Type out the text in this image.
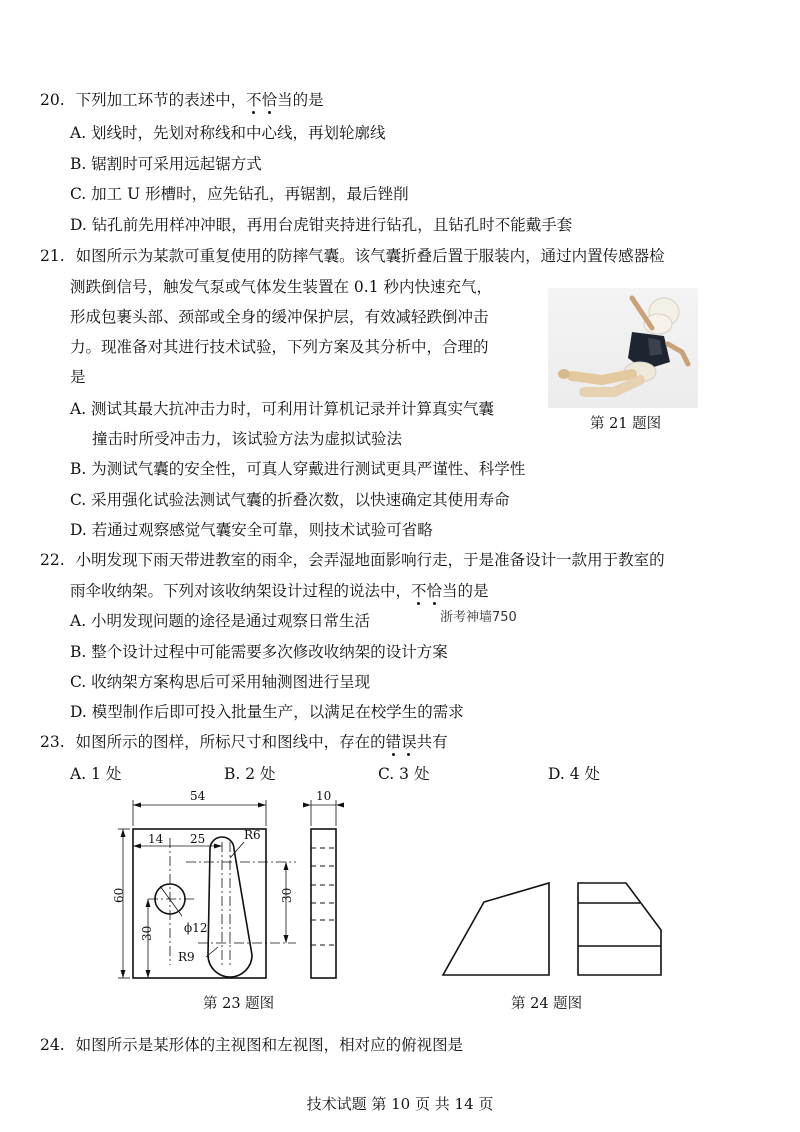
20. 下列加工环节的表述中，不恰当的是
A. 划线时，先划对称线和中心线，再划轮廓线
B. 锯割时可采用远起锯方式
C. 加工 U 形槽时，应先钻孔，再锯割，最后锉削
D. 钻孔前先用样冲冲眼，再用台虎钳夹持进行钻孔，且钻孔时不能戴手套
21. 如图所示为某款可重复使用的防摔气囊。该气囊折叠后置于服装内，通过内置传感器检
测跌倒信号，触发气泵或气体发生装置在 0.1 秒内快速充气，
形成包裹头部、颈部或全身的缓冲保护层，有效减轻跌倒冲击
力。现准备对其进行技术试验，下列方案及其分析中，合理的
是
A. 测试其最大抗冲击力时，可利用计算机记录并计算真实气囊
撞击时所受冲击力，该试验方法为虚拟试验法
B. 为测试气囊的安全性，可真人穿戴进行测试更具严谨性、科学性
C. 采用强化试验法测试气囊的折叠次数，以快速确定其使用寿命
D. 若通过观察感觉气囊安全可靠，则技术试验可省略
第 21 题图
22. 小明发现下雨天带进教室的雨伞，会弄湿地面影响行走，于是准备设计一款用于教室的
雨伞收纳架。下列对该收纳架设计过程的说法中，不恰当的是
A. 小明发现问题的途径是通过观察日常生活	浙考神墙750
B. 整个设计过程中可能需要多次修改收纳架的设计方案
C. 收纳架方案构思后可采用轴测图进行呈现
D. 模型制作后即可投入批量生产，以满足在校学生的需求
23. 如图所示的图样，所标尺寸和图线中，存在的错误共有
A. 1 处	B. 2 处	C. 3 处	D. 4 处
54	10
14 25	R6
60	30
30	ϕ12
R9
第 23 题图	第 24 题图
24. 如图所示是某形体的主视图和左视图，相对应的俯视图是
技术试题 第 10 页 共 14 页
